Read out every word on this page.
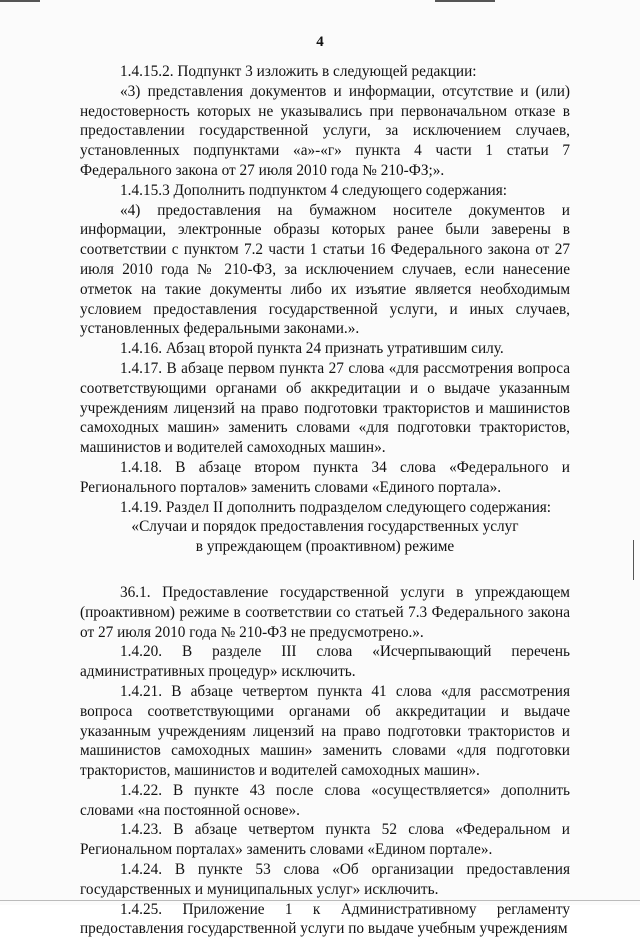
4

1.4.15.2. Подпункт 3 изложить в следующей редакции:

«3) представления документов и информации, отсутствие и (или) недостоверность которых не указывались при первоначальном отказе в предоставлении государственной услуги, за исключением случаев, установленных подпунктами «а»-«г» пункта 4 части 1 статьи 7 Федерального закона от 27 июля 2010 года № 210-ФЗ;».

1.4.15.3 Дополнить подпунктом 4 следующего содержания:

«4) предоставления на бумажном носителе документов и информации, электронные образы которых ранее были заверены в соответствии с пунктом 7.2 части 1 статьи 16 Федерального закона от 27 июля 2010 года № 210-ФЗ, за исключением случаев, если нанесение отметок на такие документы либо их изъятие является необходимым условием предоставления государственной услуги, и иных случаев, установленных федеральными законами.».

1.4.16. Абзац второй пункта 24 признать утратившим силу.

1.4.17. В абзаце первом пункта 27 слова «для рассмотрения вопроса соответствующими органами об аккредитации и о выдаче указанным учреждениям лицензий на право подготовки трактористов и машинистов самоходных машин» заменить словами «для подготовки трактористов, машинистов и водителей самоходных машин».

1.4.18. В абзаце втором пункта 34 слова «Федерального и Регионального порталов» заменить словами «Единого портала».

1.4.19. Раздел II дополнить подразделом следующего содержания:

«Случаи и порядок предоставления государственных услуг

в упреждающем (проактивном) режиме

36.1. Предоставление государственной услуги в упреждающем (проактивном) режиме в соответствии со статьей 7.3 Федерального закона от 27 июля 2010 года № 210-ФЗ не предусмотрено.».

1.4.20. В разделе III слова «Исчерпывающий перечень административных процедур» исключить.

1.4.21. В абзаце четвертом пункта 41 слова «для рассмотрения вопроса соответствующими органами об аккредитации и выдаче указанным учреждениям лицензий на право подготовки трактористов и машинистов самоходных машин» заменить словами «для подготовки трактористов, машинистов и водителей самоходных машин».

1.4.22. В пункте 43 после слова «осуществляется» дополнить словами «на постоянной основе».

1.4.23. В абзаце четвертом пункта 52 слова «Федеральном и Региональном порталах» заменить словами «Едином портале».

1.4.24. В пункте 53 слова «Об организации предоставления государственных и муниципальных услуг» исключить.

1.4.25. Приложение 1 к Административному регламенту предоставления государственной услуги по выдаче учебным учреждениям
